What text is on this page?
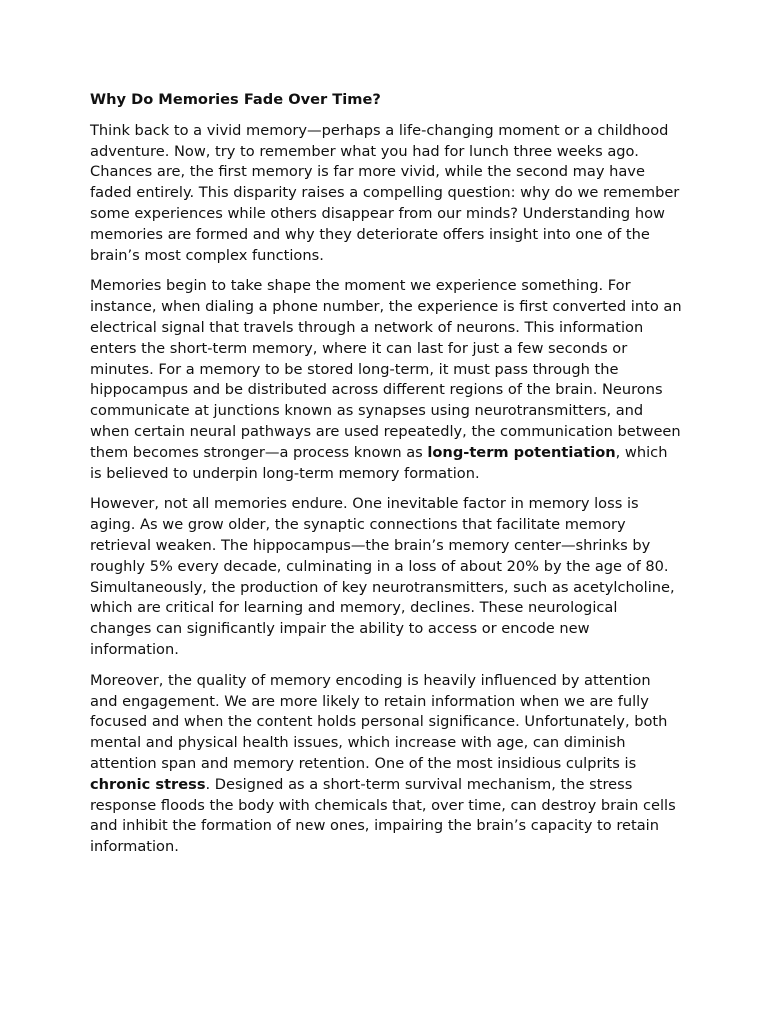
Why Do Memories Fade Over Time?

Think back to a vivid memory—perhaps a life-changing moment or a childhood adventure. Now, try to remember what you had for lunch three weeks ago. Chances are, the first memory is far more vivid, while the second may have faded entirely. This disparity raises a compelling question: why do we remember some experiences while others disappear from our minds? Understanding how memories are formed and why they deteriorate offers insight into one of the brain’s most complex functions.

Memories begin to take shape the moment we experience something. For instance, when dialing a phone number, the experience is first converted into an electrical signal that travels through a network of neurons. This information enters the short-term memory, where it can last for just a few seconds or minutes. For a memory to be stored long-term, it must pass through the hippocampus and be distributed across different regions of the brain. Neurons communicate at junctions known as synapses using neurotransmitters, and when certain neural pathways are used repeatedly, the communication between them becomes stronger—a process known as long-term potentiation, which is believed to underpin long-term memory formation.

However, not all memories endure. One inevitable factor in memory loss is aging. As we grow older, the synaptic connections that facilitate memory retrieval weaken. The hippocampus—the brain’s memory center—shrinks by roughly 5% every decade, culminating in a loss of about 20% by the age of 80. Simultaneously, the production of key neurotransmitters, such as acetylcholine, which are critical for learning and memory, declines. These neurological changes can significantly impair the ability to access or encode new information.

Moreover, the quality of memory encoding is heavily influenced by attention and engagement. We are more likely to retain information when we are fully focused and when the content holds personal significance. Unfortunately, both mental and physical health issues, which increase with age, can diminish attention span and memory retention. One of the most insidious culprits is chronic stress. Designed as a short-term survival mechanism, the stress response floods the body with chemicals that, over time, can destroy brain cells and inhibit the formation of new ones, impairing the brain’s capacity to retain information.
